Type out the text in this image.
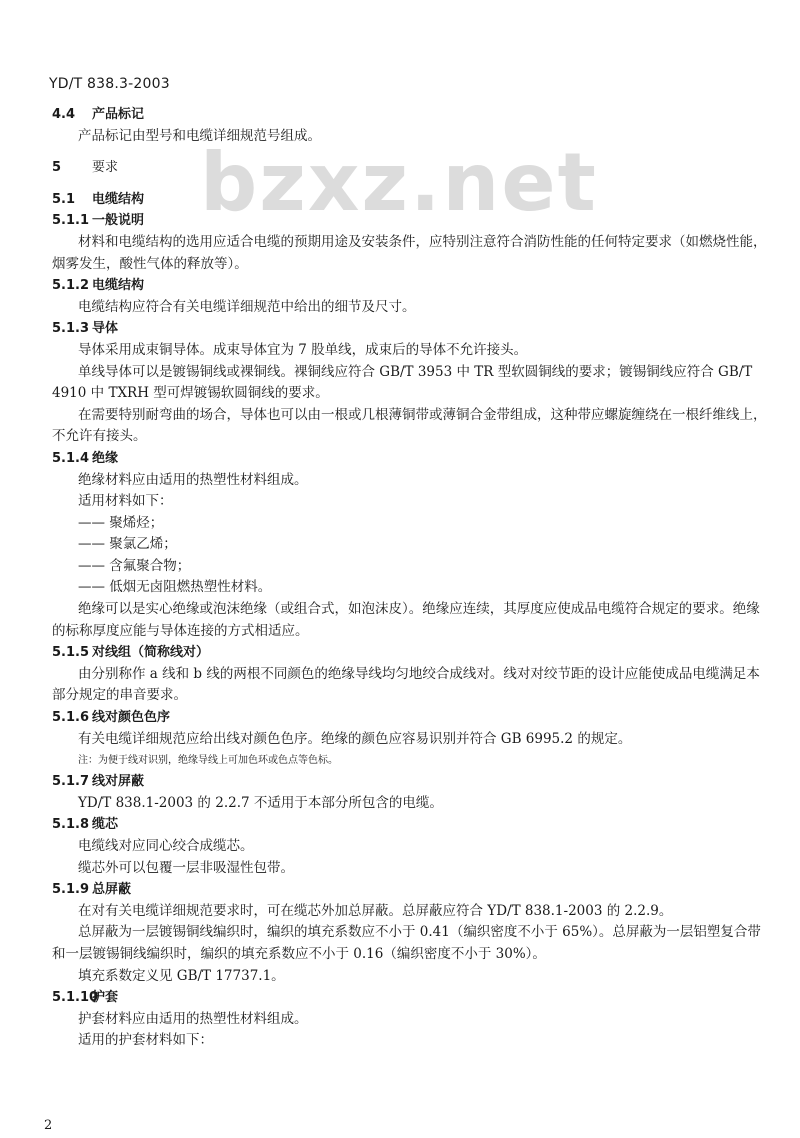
YD/T 838.3-2003
bzxz.net
4.4 产品标记
产品标记由型号和电缆详细规范号组成。
5 要求
5.1 电缆结构
5.1.1 一般说明
材料和电缆结构的选用应适合电缆的预期用途及安装条件，应特别注意符合消防性能的任何特定要求（如燃烧性能，烟雾发生，酸性气体的释放等）。
5.1.2 电缆结构
电缆结构应符合有关电缆详细规范中给出的细节及尺寸。
5.1.3 导体
导体采用成束铜导体。成束导体宜为 7 股单线，成束后的导体不允许接头。
单线导体可以是镀锡铜线或裸铜线。裸铜线应符合 GB/T 3953 中 TR 型软圆铜线的要求；镀锡铜线应符合 GB/T 4910 中 TXRH 型可焊镀锡软圆铜线的要求。
在需要特别耐弯曲的场合，导体也可以由一根或几根薄铜带或薄铜合金带组成，这种带应螺旋缠绕在一根纤维线上，不允许有接头。
5.1.4 绝缘
绝缘材料应由适用的热塑性材料组成。
适用材料如下：
—— 聚烯烃；
—— 聚氯乙烯；
—— 含氟聚合物；
—— 低烟无卤阻燃热塑性材料。
绝缘可以是实心绝缘或泡沫绝缘（或组合式，如泡沫皮）。绝缘应连续，其厚度应使成品电缆符合规定的要求。绝缘的标称厚度应能与导体连接的方式相适应。
5.1.5 对线组（简称线对）
由分别称作 a 线和 b 线的两根不同颜色的绝缘导线均匀地绞合成线对。线对对绞节距的设计应能使成品电缆满足本部分规定的串音要求。
5.1.6 线对颜色色序
有关电缆详细规范应给出线对颜色色序。绝缘的颜色应容易识别并符合 GB 6995.2 的规定。
注：为便于线对识别，绝缘导线上可加色环或色点等色标。
5.1.7 线对屏蔽
YD/T 838.1-2003 的 2.2.7 不适用于本部分所包含的电缆。
5.1.8 缆芯
电缆线对应同心绞合成缆芯。
缆芯外可以包覆一层非吸湿性包带。
5.1.9 总屏蔽
在对有关电缆详细规范要求时，可在缆芯外加总屏蔽。总屏蔽应符合 YD/T 838.1-2003 的 2.2.9。
总屏蔽为一层镀锡铜线编织时，编织的填充系数应不小于 0.41（编织密度不小于 65%）。总屏蔽为一层铝塑复合带和一层镀锡铜线编织时，编织的填充系数应不小于 0.16（编织密度不小于 30%）。
填充系数定义见 GB/T 17737.1。
5.1.10护套
护套材料应由适用的热塑性材料组成。
适用的护套材料如下：
2
